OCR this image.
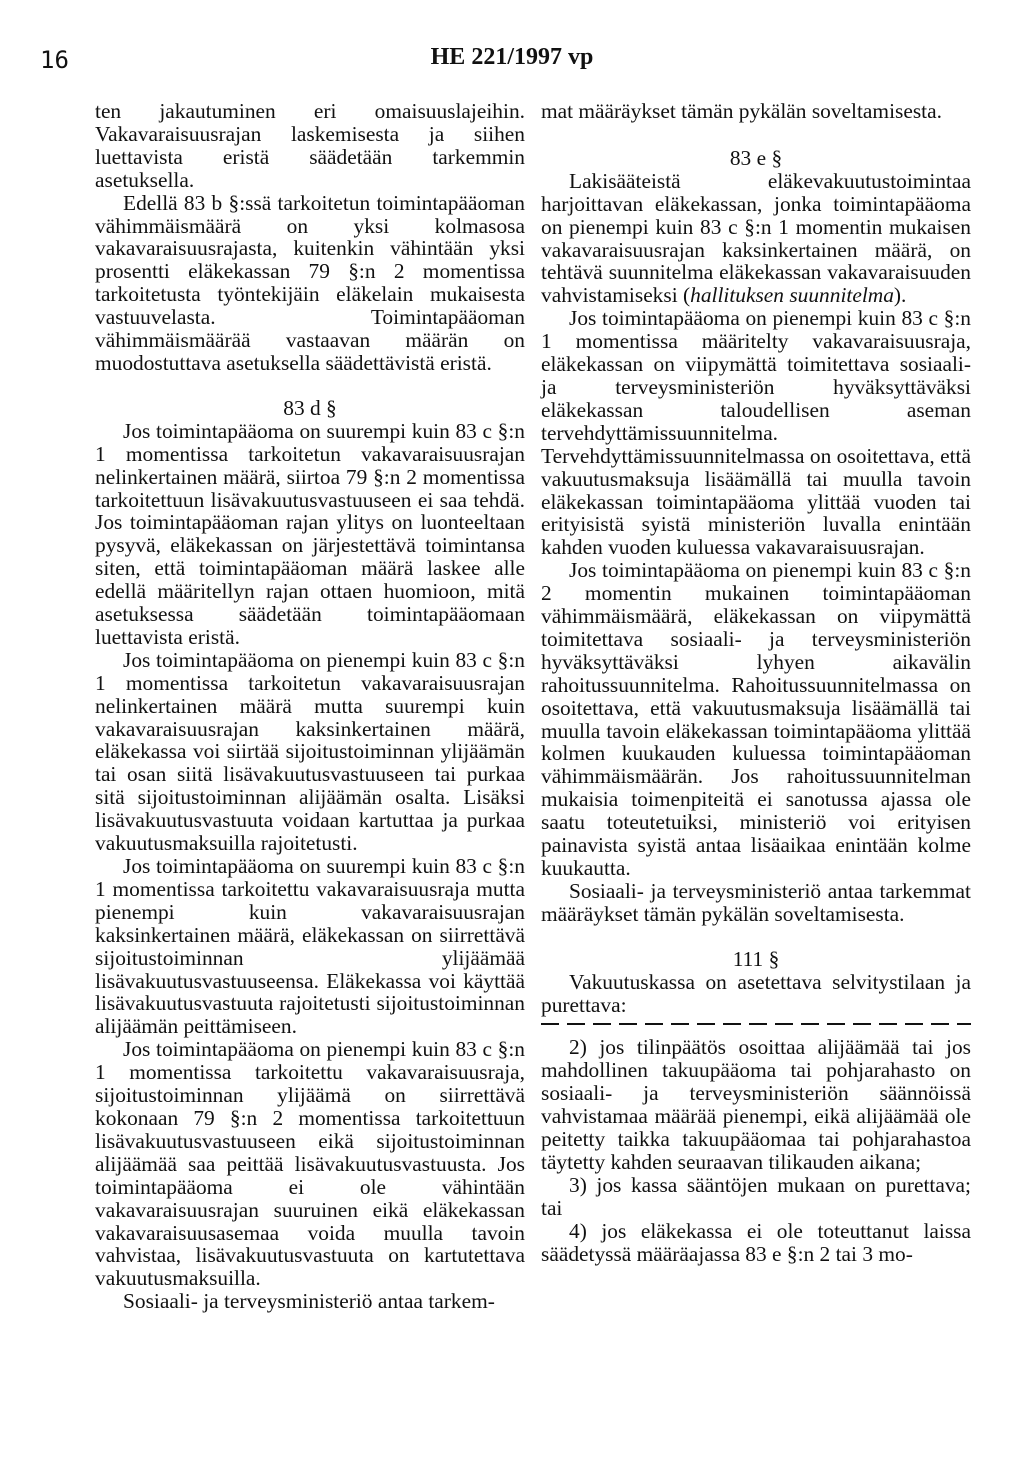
16	HE 221/1997 vp

ten jakautuminen eri omaisuuslajeihin. Vakavaraisuusrajan laskemisesta ja siihen luettavista eristä säädetään tarkemmin asetuksella.

Edellä 83 b §:ssä tarkoitetun toimintapääoman vähimmäismäärä on yksi kolmasosa vakavaraisuusrajasta, kuitenkin vähintään yksi prosentti eläkekassan 79 §:n 2 momentissa tarkoitetusta työntekijäin eläkelain mukaisesta vastuuvelasta. Toimintapääoman vähimmäismäärää vastaavan määrän on muodostuttava asetuksella säädettävistä eristä.

83 d §

Jos toimintapääoma on suurempi kuin 83 c §:n 1 momentissa tarkoitetun vakavaraisuusrajan nelinkertainen määrä, siirtoa 79 §:n 2 momentissa tarkoitettuun lisävakuutusvastuuseen ei saa tehdä. Jos toimintapääoman rajan ylitys on luonteeltaan pysyvä, eläkekassan on järjestettävä toimintansa siten, että toimintapääoman määrä laskee alle edellä määritellyn rajan ottaen huomioon, mitä asetuksessa säädetään toimintapääomaan luettavista eristä.

Jos toimintapääoma on pienempi kuin 83 c §:n 1 momentissa tarkoitetun vakavaraisuusrajan nelinkertainen määrä mutta suurempi kuin vakavaraisuusrajan kaksinkertainen määrä, eläkekassa voi siirtää sijoitustoiminnan ylijäämän tai osan siitä lisävakuutusvastuuseen tai purkaa sitä sijoitustoiminnan alijäämän osalta. Lisäksi lisävakuutusvastuuta voidaan kartuttaa ja purkaa vakuutusmaksuilla rajoitetusti.

Jos toimintapääoma on suurempi kuin 83 c §:n 1 momentissa tarkoitettu vakavaraisuusraja mutta pienempi kuin vakavaraisuusrajan kaksinkertainen määrä, eläkekassan on siirrettävä sijoitustoiminnan ylijäämää lisävakuutusvastuuseensa. Eläkekassa voi käyttää lisävakuutusvastuuta rajoitetusti sijoitustoiminnan alijäämän peittämiseen.

Jos toimintapääoma on pienempi kuin 83 c §:n 1 momentissa tarkoitettu vakavaraisuusraja, sijoitustoiminnan ylijäämä on siirrettävä kokonaan 79 §:n 2 momentissa tarkoitettuun lisävakuutusvastuuseen eikä sijoitustoiminnan alijäämää saa peittää lisävakuutusvastuusta. Jos toimintapääoma ei ole vähintään vakavaraisuusrajan suuruinen eikä eläkekassan vakavaraisuusasemaa voida muulla tavoin vahvistaa, lisävakuutusvastuuta on kartutettava vakuutusmaksuilla.

Sosiaali- ja terveysministeriö antaa tarkem-

mat määräykset tämän pykälän soveltamisesta.

83 e §

Lakisääteistä eläkevakuutustoimintaa harjoittavan eläkekassan, jonka toimintapääoma on pienempi kuin 83 c §:n 1 momentin mukaisen vakavaraisuusrajan kaksinkertainen määrä, on tehtävä suunnitelma eläkekassan vakavaraisuuden vahvistamiseksi (hallituksen suunnitelma).

Jos toimintapääoma on pienempi kuin 83 c §:n 1 momentissa määritelty vakavaraisuusraja, eläkekassan on viipymättä toimitettava sosiaali- ja terveysministeriön hyväksyttäväksi eläkekassan taloudellisen aseman tervehdyttämissuunnitelma. Tervehdyttämissuunnitelmassa on osoitettava, että vakuutusmaksuja lisäämällä tai muulla tavoin eläkekassan toimintapääoma ylittää vuoden tai erityisistä syistä ministeriön luvalla enintään kahden vuoden kuluessa vakavaraisuusrajan.

Jos toimintapääoma on pienempi kuin 83 c §:n 2 momentin mukainen toimintapääoman vähimmäismäärä, eläkekassan on viipymättä toimitettava sosiaali- ja terveysministeriön hyväksyttäväksi lyhyen aikavälin rahoitussuunnitelma. Rahoitussuunnitelmassa on osoitettava, että vakuutusmaksuja lisäämällä tai muulla tavoin eläkekassan toimintapääoma ylittää kolmen kuukauden kuluessa toimintapääoman vähimmäismäärän. Jos rahoitussuunnitelman mukaisia toimenpiteitä ei sanotussa ajassa ole saatu toteutetuiksi, ministeriö voi erityisen painavista syistä antaa lisäaikaa enintään kolme kuukautta.

Sosiaali- ja terveysministeriö antaa tarkemmat määräykset tämän pykälän soveltamisesta.

111 §

Vakuutuskassa on asetettava selvitystilaan ja purettava:

2) jos tilinpäätös osoittaa alijäämää tai jos mahdollinen takuupääoma tai pohjarahasto on sosiaali- ja terveysministeriön säännöissä vahvistamaa määrää pienempi, eikä alijäämää ole peitetty taikka takuupääomaa tai pohjarahastoa täytetty kahden seuraavan tilikauden aikana;

3) jos kassa sääntöjen mukaan on purettava; tai

4) jos eläkekassa ei ole toteuttanut laissa säädetyssä määräajassa 83 e §:n 2 tai 3 mo-
